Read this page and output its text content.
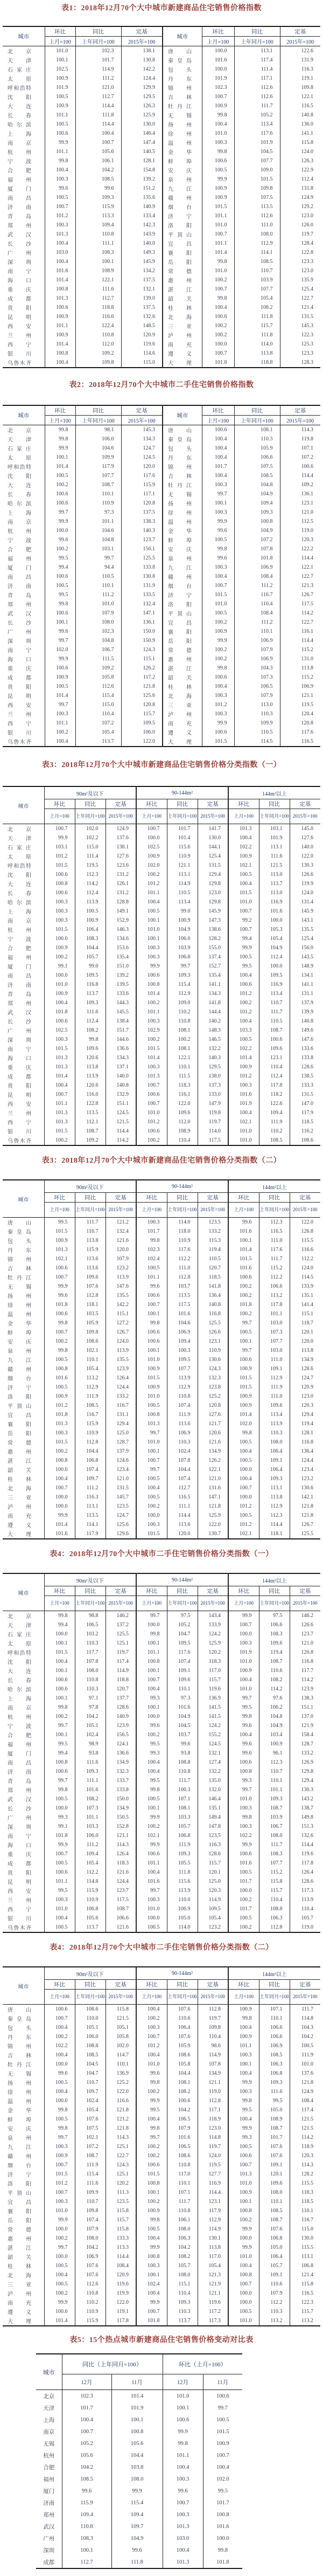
表1：2018年12月70个大中城市新建商品住宅销售价格指数
城市	环比	同比	定基	城市	环比	同比	定基
	上月=100	上年同月=100	2015年=100		上月=100	上年同月=100	2015年=100
北京	101.0	102.3	138.1	唐山	100.0	113.1	122.6
天津	100.1	101.7	130.8	秦皇岛	101.6	117.4	131.9
石家庄	102.5	114.9	142.2	包头	100.0	111.4	116.3
太原	100.9	111.2	124.4	丹东	101.9	117.1	119.1
呼和浩特	101.9	121.0	129.9	锦州	102.3	112.6	109.8
沈阳	100.5	112.7	129.5	吉林	100.7	112.6	122.1
大连	100.9	114.4	126.3	牡丹江	100.9	111.7	116.5
长春	101.1	111.8	125.9	无锡	99.8	105.2	140.8
哈尔滨	100.5	114.4	130.0	扬州	100.4	113.4	136.0
上海	100.6	100.4	146.4	徐州	101.0	117.6	141.1
南京	99.9	100.7	147.4	温州	100.3	101.9	115.8
杭州	101.1	105.6	140.5	金华	99.8	104.5	124.0
宁波	99.8	106.1	128.1	蚌埠	100.6	107.7	126.3
合肥	100.4	104.2	154.8	安庆	100.5	109.0	122.9
福州	100.3	108.5	139.2	泉州	99.9	101.5	112.4
厦门	99.6	99.6	151.2	九江	100.9	109.8	131.8
南昌	100.5	109.3	135.6	赣州	100.9	107.5	124.9
济南	100.7	115.9	140.9	烟台	101.5	113.5	129.2
青岛	101.2	113.3	133.4	济宁	101.1	112.6	123.0
郑州	100.3	109.4	142.3	洛阳	101.0	111.0	126.0
武汉	101.3	110.8	143.9	平顶山	100.7	108.0	119.7
长沙	100.4	111.1	140.0	宜昌	101.1	112.9	128.4
广州	103.0	108.3	149.3	襄阳	101.4	114.1	122.8
深圳	100.4	100.1	145.9	岳阳	99.8	108.5	123.3
南宁	101.6	108.9	134.2	常德	101.0	110.7	123.0
海口	101.4	122.1	137.5	惠州	100.2	103.9	135.9
重庆	100.8	111.6	132.1	湛江	100.7	107.7	125.4
成都	101.3	112.7	139.0	韶关	99.8	105.4	122.7
贵阳	100.6	118.8	137.5	桂林	100.4	108.2	121.4
昆明	100.9	116.6	132.6	北海	100.6	111.8	131.5
西安	101.1	122.4	148.5	三亚	100.2	115.7	145.3
兰州	100.9	110.8	120.9	泸州	100.2	111.8	122.3
西宁	101.4	112.0	119.6	南充	100.0	114.0	125.3
银川	100.8	109.2	114.6	遵义	100.7	113.8	123.3
乌鲁木齐	100.4	109.8	115.0	大理	101.8	118.8	128.3
表2：2018年12月70个大中城市二手住宅销售价格指数
城市	环比	同比	定基	城市	环比	同比	定基
	上月=100	上年同月=100	2015年=100		上月=100	上年同月=100	2015年=100
北京	99.8	98.1	145.3	唐山	100.6	108.1	114.3
天津	99.8	106.0	134.3	秦皇岛	100.4	110.3	119.8
石家庄	99.9	104.6	124.7	包头	100.4	105.9	107.1
太原	100.1	109.9	124.5	丹东	100.4	106.6	107.2
呼和浩特	101.4	117.9	120.0	锦州	101.7	107.5	100.6
沈阳	100.5	107.7	117.6	吉林	100.4	108.5	114.4
大连	100.2	108.7	115.9	牡丹江	100.3	104.8	109.2
长春	100.6	110.1	117.1	无锡	99.7	104.9	136.1
哈尔滨	100.6	110.9	120.8	扬州	100.1	109.4	123.1
上海	99.7	97.3	137.5	徐州	100.3	109.3	121.0
南京	99.9	101.1	138.3	温州	99.9	100.8	112.5
杭州	100.0	104.6	140.3	金华	99.6	104.9	119.0
宁波	99.6	104.8	123.7	蚌埠	100.5	107.2	120.3
合肥	100.2	103.1	156.1	安庆	99.8	107.8	122.2
福州	99.5	99.7	125.5	泉州	99.6	101.8	114.4
厦门	99.4	94.4	133.8	九江	100.3	106.9	122.1
南昌	100.6	110.5	130.8	赣州	100.4	108.4	122.7
济南	100.5	110.1	131.9	烟台	100.7	111.2	121.3
青岛	99.5	111.2	133.5	济宁	101.5	116.7	126.7
郑州	99.8	101.0	132.4	洛阳	101.0	110.4	117.5
武汉	100.6	107.9	147.1	平顶山	100.5	108.4	114.2
长沙	100.1	108.0	136.1	宜昌	100.2	111.2	122.7
广州	99.6	102.3	150.0	襄阳	100.9	110.1	116.1
深圳	99.7	104.8	150.9	岳阳	99.9	106.9	114.4
南宁	102.0	106.7	124.3	常德	100.2	107.9	115.2
海口	99.9	111.5	115.1	惠州	100.2	106.9	131.0
重庆	100.6	109.2	126.2	湛江	99.8	104.3	113.8
成都	100.9	105.8	117.2	韶关	100.6	107.3	115.2
贵阳	100.5	112.6	121.8	桂林	100.4	106.5	106.9
昆明	101.4	115.4	125.6	北海	100.3	107.9	121.1
西安	99.7	115.0	120.8	三亚	101.2	113.0	119.5
兰州	100.3	110.4	115.7	泸州	100.3	110.3	120.4
西宁	101.1	107.2	109.5	南充	99.9	109.9	120.8
银川	100.2	105.4	106.0	遵义	100.6	110.5	117.6
乌鲁木齐	100.4	113.7	122.0	大理	101.5	114.5	116.5
表3：2018年12月70个大中城市新建商品住宅销售价格分类指数（一）
城市	90m²及以下			90-144m²			144m²以上		
	环比	同比	定基	环比	同比	定基	环比	同比	定基
	上月=100	上年同月=100	2015年=100	上月=100	上年同月=100	2015年=100	上月=100	上年同月=100	2015年=100
北京	100.7	102.0	124.9	100.7	101.7	141.7	101.3	103.1	145.0
天津	99.9	102.2	137.6	100.0	101.4	130.0	100.4	101.9	127.6
石家庄	103.1	115.0	138.1	102.5	115.6	144.1	102.2	113.1	140.0
太原	101.2	111.4	127.6	100.9	110.9	125.4	100.9	111.6	122.0
呼和浩特	101.5	119.5	123.6	102.0	121.1	131.5	102.1	121.5	130.3
沈阳	100.6	112.3	131.2	100.2	113.1	129.4	100.5	113.0	126.6
大连	100.8	114.2	126.1	101.2	114.9	129.8	100.4	113.7	119.9
长春	100.6	112.4	131.2	101.1	110.5	123.0	101.5	113.0	124.0
哈尔滨	100.3	113.9	128.8	100.4	113.4	129.8	101.0	116.9	131.4
上海	100.3	100.5	149.1	100.5	99.0	145.9	100.7	101.6	145.9
南京	100.3	100.9	152.9	100.1	100.9	147.3	99.2	100.0	143.1
杭州	101.5	106.4	146.3	101.0	104.9	138.6	100.7	105.3	135.5
宁波	100.0	108.3	134.6	100.1	106.0	128.2	99.4	105.4	125.4
合肥	100.9	104.4	153.6	100.3	103.9	155.0	99.9	104.9	156.0
福州	100.2	105.7	135.4	100.3	106.8	137.4	100.5	112.4	143.5
厦门	99.1	99.0	151.0	99.9	99.7	152.7	99.5	100.0	148.9
南昌	100.0	109.5	139.2	100.6	109.3	135.4	100.4	109.5	134.1
济南	101.0	116.8	139.5	100.8	115.4	141.1	100.6	116.9	141.1
青岛	100.9	113.7	133.6	101.4	112.9	134.3	101.2	113.4	131.1
郑州	100.4	109.3	144.3	100.2	109.0	141.8	100.2	110.7	137.9
武汉	101.8	111.6	145.5	101.1	110.2	144.4	101.2	111.7	139.9
长沙	100.6	112.4	138.4	100.3	110.8	140.2	100.4	110.5	140.8
广州	102.5	108.2	151.7	102.9	108.1	148.3	103.3	108.7	149.6
深圳	100.3	99.8	144.6	100.2	100.2	146.5	100.5	100.6	147.6
南宁	101.5	109.6	136.6	101.5	108.1	132.2	102.2	109.6	133.6
海口	101.3	120.6	134.3	101.4	122.1	140.3	101.4	123.1	133.8
重庆	101.3	113.8	137.1	100.3	110.1	129.5	100.9	110.4	128.6
成都	101.4	113.9	140.0	101.3	111.5	138.0	101.2	112.4	138.5
贵阳	100.4	120.6	140.8	100.7	118.3	137.3	100.3	117.8	133.3
昆明	100.7	116.0	132.9	100.6	116.1	133.0	101.6	118.2	131.5
西安	101.1	122.8	151.1	100.7	122.0	147.9	101.9	122.6	147.0
兰州	101.3	113.5	124.5	101.0	109.6	119.8	100.4	109.4	117.9
西宁	101.3	112.1	121.5	101.2	112.0	119.7	102.1	111.9	118.5
银川	101.5	108.7	114.4	100.6	108.9	114.0	101.0	110.2	116.2
乌鲁木齐	100.2	109.2	114.2	100.2	110.4	117.5	101.0	108.5	108.6
表3：2018年12月70个大中城市新建商品住宅销售价格分类指数（二）
城市	90m²及以下			90-144m²			144m²以上		
	环比	同比	定基	环比	同比	定基	环比	同比	定基
	上月=100	上年同月=100	2015年=100	上月=100	上年同月=100	2015年=100	上月=100	上年同月=100	2015年=100
唐山	99.5	111.7	121.2	100.3	114.0	123.5	99.6	112.3	122.0
秦皇岛	101.5	116.7	132.4	101.7	118.0	133.2	101.6	116.5	126.8
包头	100.9	113.8	121.6	99.8	110.9	115.3	100.1	111.0	115.5
丹东	101.3	115.9	120.0	102.3	117.6	119.4	101.4	117.6	116.6
锦州	102.1	113.6	107.9	102.4	112.2	110.5	101.5	111.7	112.2
吉林	100.6	113.6	123.2	100.5	111.0	120.7	101.6	115.2	124.0
牡丹江	100.7	109.6	113.9	101.1	112.8	118.5	100.6	112.2	114.5
无锡	99.9	107.6	147.6	99.6	103.7	141.8	100.2	106.6	133.9
扬州	99.6	112.8	135.5	100.6	113.5	136.4	100.2	113.2	135.1
徐州	101.8	118.1	142.2	100.7	117.5	140.8	101.8	117.8	141.4
温州	100.6	103.5	115.1	100.1	101.6	116.8	100.2	101.1	115.1
金华	99.8	105.9	127.2	99.8	104.6	125.5	99.7	103.0	118.7
蚌埠	100.7	109.8	126.7	100.6	106.9	126.6	100.5	107.3	120.1
安庆	100.2	108.6	124.0	100.6	109.4	123.1	100.1	107.7	120.0
泉州	99.8	102.1	113.9	100.1	100.3	110.9	99.7	103.0	113.8
九江	100.5	110.1	135.5	101.0	109.5	130.6	100.6	111.0	134.9
赣州	100.8	105.4	123.9	100.9	107.7	124.3	100.9	109.1	128.6
烟台	101.6	113.2	126.4	101.5	113.9	132.3	101.5	112.9	124.7
济宁	100.5	112.9	124.4	100.9	112.9	123.8	101.5	111.9	120.9
洛阳	100.9	111.9	133.2	101.0	110.8	125.2	100.9	111.0	123.0
平顶山	101.2	108.5	116.7	100.5	107.4	120.8	100.9	109.6	120.3
宜昌	101.8	116.7	131.1	100.8	111.9	127.6	101.4	113.4	129.4
襄阳	101.3	115.9	129.4	101.3	113.6	121.7	102.0	113.9	119.4
岳阳	100.3	110.9	125.0	99.7	106.9	120.6	99.8	110.3	128.1
常德	101.5	112.8	128.7	101.0	110.3	121.6	100.5	108.0	116.8
惠州	100.2	104.4	137.9	100.1	102.4	134.9	100.4	106.4	136.4
湛江	100.8	106.8	124.6	100.7	107.8	126.2	100.5	109.1	124.4
韶关	100.0	107.4	123.4	99.7	104.4	122.1	100.0	106.4	123.4
桂林	100.4	109.7	121.0	100.5	107.4	121.0	100.4	109.3	123.2
北海	100.7	111.2	131.5	100.4	112.7	131.6	100.7	113.1	130.6
三亚	100.0	116.3	145.7	100.5	116.5	147.1	100.0	113.8	142.1
泸州	100.0	113.1	123.5	100.2	111.1	121.8	101.2	112.9	121.8
南充	99.9	113.5	124.7	100.0	114.4	125.9	100.5	112.3	121.8
遵义	101.4	114.1	125.6	100.3	113.6	122.0	101.2	114.4	126.7
大理	101.6	117.9	129.6	101.5	120.0	130.7	102.1	118.1	125.5
表4：2018年12月70个大中城市二手住宅销售价格分类指数（一）
城市	90m²及以下			90-144m²			144m²以上		
	环比	同比	定基	环比	同比	定基	环比	同比	定基
	上月=100	上年同月=100	2015年=100	上月=100	上年同月=100	2015年=100	上月=100	上年同月=100	2015年=100
北京	99.8	98.8	146.2	99.7	97.5	143.4	99.9	97.5	146.2
天津	99.4	106.5	137.2	100.0	105.2	133.9	100.7	106.6	126.6
石家庄	100.0	103.2	125.5	99.8	104.7	124.2	100.0	108.3	123.7
太原	100.1	110.3	125.1	100.1	109.5	125.9	100.3	109.6	121.0
呼和浩特	101.5	117.7	119.7	101.1	117.6	120.2	101.9	119.4	120.8
沈阳	100.4	107.8	117.4	100.8	107.4	118.3	101.0	108.7	116.8
大连	100.1	108.0	114.9	100.1	109.1	117.0	100.9	110.6	117.7
长春	100.6	110.8	118.8	100.7	109.6	115.7	100.4	108.2	114.2
哈尔滨	100.6	110.3	120.7	100.4	110.1	119.6	101.0	114.2	123.9
上海	100.1	97.1	137.7	99.3	97.3	136.9	99.7	97.6	138.3
南京	99.8	97.8	128.6	100.1	101.6	141.5	99.5	106.2	151.1
杭州	100.2	104.2	140.9	100.0	104.9	141.5	99.8	104.8	137.0
宁波	99.7	105.1	123.9	99.6	104.5	124.2	99.6	104.9	121.9
合肥	100.1	102.4	156.5	100.2	103.7	155.2	100.4	103.4	158.4
福州	99.5	98.9	124.1	99.5	99.6	124.5	99.6	100.9	128.7
厦门	99.4	93.8	136.6	99.3	93.8	132.1	99.6	96.1	133.2
南昌	100.8	111.6	134.9	100.4	108.8	127.4	100.6	112.3	126.9
济南	100.6	109.3	132.3	100.4	110.8	132.2	100.8	110.7	129.8
青岛	99.7	111.1	133.7	99.5	111.7	135.0	99.3	110.1	129.4
郑州	99.8	101.6	133.8	99.8	100.3	132.0	99.7	101.1	130.3
武汉	100.5	108.2	150.0	100.5	107.1	146.4	101.0	109.3	143.2
长沙	100.0	107.3	134.9	100.1	108.1	135.1	100.3	108.7	138.7
广州	99.3	101.1	150.5	99.9	103.3	149.4	99.8	103.9	149.8
深圳	99.1	103.3	152.8	100.2	105.7	147.8	100.3	106.7	151.3
南宁	101.8	106.0	121.1	102.1	106.8	123.5	102.2	108.0	132.6
海口	99.9	111.2	114.3	99.9	111.9	116.3	99.9	111.7	114.4
重庆	100.7	109.4	126.4	100.6	109.3	128.6	100.6	108.3	119.6
成都	100.5	105.4	118.3	101.1	105.5	115.7	101.6	107.7	117.8
贵阳	100.6	112.2	121.6	100.4	111.8	120.1	100.5	115.2	126.4
昆明	101.1	114.8	124.4	101.6	115.6	125.0	101.7	115.8	128.6
西安	99.5	115.9	123.7	99.7	113.9	120.3	100.0	115.7	117.3
兰州	100.3	110.9	117.5	100.3	110.0	114.9	100.2	110.4	113.9
西宁	101.0	106.8	108.7	101.0	106.9	109.5	101.7	108.8	110.4
银川	100.4	105.6	106.6	100.0	105.0	105.4	100.5	106.3	105.7
乌鲁木齐	100.5	113.7	121.6	100.5	114.0	123.2	100.2	112.8	119.0
表4：2018年12月70个大中城市二手住宅销售价格分类指数（二）
城市	90m²及以下			90-144m²			144m²以上		
	环比	同比	定基	环比	同比	定基	环比	同比	定基
	上月=100	上年同月=100	2015年=100	上月=100	上年同月=100	2015年=100	上月=100	上年同月=100	2015年=100
唐山	100.6	108.6	115.8	100.4	107.6	112.8	100.9	107.1	111.7
秦皇岛	100.7	110.0	121.5	100.2	110.6	119.7	99.8	110.1	114.8
包头	100.4	105.1	105.1	100.3	106.4	109.8	100.4	106.6	104.3
丹东	100.2	106.0	105.8	100.7	107.6	110.4	100.9	106.6	104.2
锦州	102.2	108.8	102.0	101.2	105.9	98.6	101.1	106.9	100.5
吉林	100.4	108.5	114.7	100.4	108.6	114.9	100.3	108.5	111.9
牡丹江	100.0	104.5	110.1	101.0	105.8	107.8	100.1	106.3	101.0
无锡	99.6	104.7	136.9	99.6	104.4	134.9	100.4	106.8	137.6
扬州	100.5	110.7	125.2	99.8	108.1	121.1	99.9	109.3	121.8
徐州	100.4	109.7	122.0	100.2	108.2	119.0	100.3	111.6	124.9
温州	100.0	102.4	116.6	99.9	100.6	112.8	99.8	99.5	108.4
金华	99.8	105.4	121.8	99.5	104.2	117.1	99.5	105.0	117.4
蚌埠	100.5	107.6	121.2	100.4	106.5	118.9	100.4	108.9	121.5
安庆	99.8	107.5	121.8	99.8	107.9	123.0	99.9	108.7	121.5
泉州	99.7	102.1	114.3	99.7	101.6	114.8	99.3	101.7	114.2
九江	100.3	107.2	125.1	100.2	106.5	119.7	100.5	107.6	118.9
赣州	100.9	108.7	122.7	100.2	108.6	124.0	100.6	107.6	120.3
烟台	100.7	111.9	124.3	100.6	110.8	119.5	100.7	109.1	114.3
济宁	101.5	115.4	125.1	101.5	117.0	127.7	101.3	120.1	128.2
洛阳	101.2	111.6	120.2	100.8	110.1	116.9	101.0	109.6	115.5
平顶山	100.7	109.9	111.3	100.1	107.1	114.4	100.9	108.0	118.3
宜昌	100.3	110.7	123.5	100.2	111.7	123.1	100.1	110.1	118.5
襄阳	101.0	109.8	115.8	100.9	110.8	117.9	100.8	108.5	110.1
岳阳	99.9	107.4	115.7	99.8	106.1	112.9	100.2	108.7	116.7
常德	100.0	107.9	115.8	100.5	108.0	114.9	99.9	107.6	115.0
惠州	100.2	108.0	133.3	100.4	106.3	130.1	100.0	106.8	130.0
湛江	99.7	104.2	113.3	99.9	104.2	113.8	99.9	105.0	115.5
韶关	100.0	106.9	114.4	100.8	108.2	117.0	101.0	106.4	113.1
桂林	100.5	107.6	108.4	100.3	105.7	105.4	100.4	105.7	106.8
北海	100.4	107.6	120.9	100.1	108.0	121.3	100.8	109.1	121.4
三亚	100.5	112.6	119.6	102.4	115.1	121.9	100.7	110.6	115.8
泸州	100.2	110.8	119.9	100.4	110.4	121.1	100.0	107.9	116.5
南充	99.9	110.2	122.0	99.9	109.3	119.6	100.0	112.2	122.3
遵义	100.6	110.9	119.1	100.7	110.3	117.2	100.5	110.3	115.7
大理	101.4	115.9	117.8	101.8	113.7	117.3	101.0	113.2	113.2
表5：15个热点城市新建商品住宅销售价格变动对比表
城市	同比（上年同月=100）		环比（上月=100）	
	12月	11月	12月	11月
北京	102.3	101.4	101.0	100.6
天津	101.7	101.9	100.1	99.7
上海	100.4	100.1	100.6	100.5
南京	100.7	100.8	99.9	101.5
无锡	105.2	105.6	99.8	100.9
杭州	105.6	104.4	101.1	100.7
合肥	104.2	103.8	100.4	100.4
福州	108.5	108.0	100.3	102.0
厦门	99.6	99.9	99.6	99.5
济南	115.9	115.4	100.7	101.7
郑州	109.4	109.4	100.3	100.8
武汉	110.8	109.7	101.3	101.6
广州	108.3	104.9	103.0	100.0
深圳	100.1	99.6	100.4	99.8
成都	112.7	111.8	101.3	101.8
